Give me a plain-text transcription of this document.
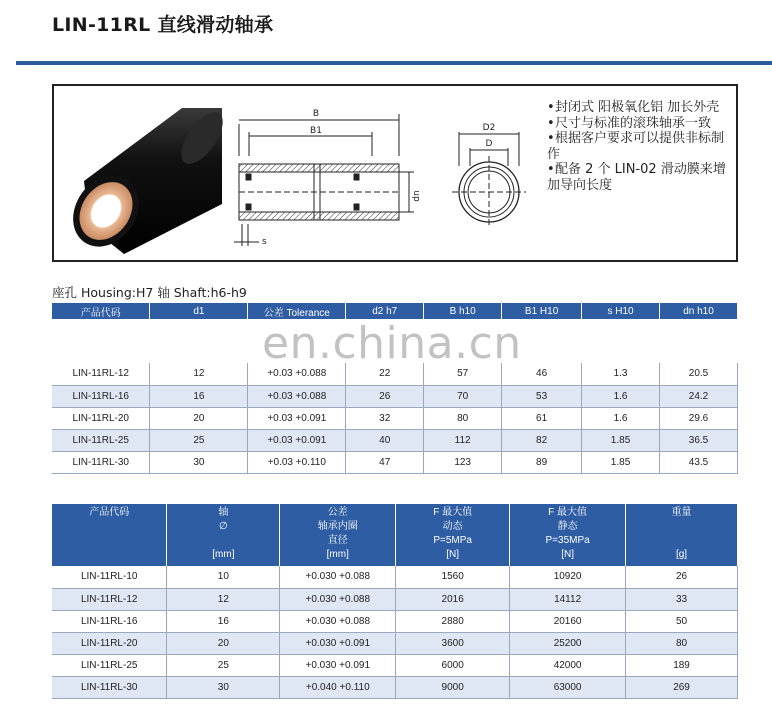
LIN-11RL 直线滑动轴承
B
B1
dn
s
D2
D
•封闭式 阳极氧化铝 加长外壳
•尺寸与标准的滚珠轴承一致
•根据客户要求可以提供非标制作
•配备 2 个 LIN-02 滑动膜来增加导向长度
座孔 Housing:H7 轴 Shaft:h6-h9
产品代码	d1	公差 Tolerance	d2 h7	B h10	B1 H10	s H10	dn h10

LIN-11RL-12	12	+0.03 +0.088	22	57	46	1.3	20.5
LIN-11RL-16	16	+0.03 +0.088	26	70	53	1.6	24.2
LIN-11RL-20	20	+0.03 +0.091	32	80	61	1.6	29.6
LIN-11RL-25	25	+0.03 +0.091	40	112	82	1.85	36.5
LIN-11RL-30	30	+0.03 +0.110	47	123	89	1.85	43.5
en.china.cn
产品代码	轴
∅

[mm]	公差
轴承内圈
直径
[mm]	F 最大值
动态
P=5MPa
[N]	F 最大值
静态
P=35MPa
[N]	重量

[g]

LIN-11RL-10	10	+0.030 +0.088	1560	10920	26
LIN-11RL-12	12	+0.030 +0.088	2016	14112	33
LIN-11RL-16	16	+0.030 +0.088	2880	20160	50
LIN-11RL-20	20	+0.030 +0.091	3600	25200	80
LIN-11RL-25	25	+0.030 +0.091	6000	42000	189
LIN-11RL-30	30	+0.040 +0.110	9000	63000	269
